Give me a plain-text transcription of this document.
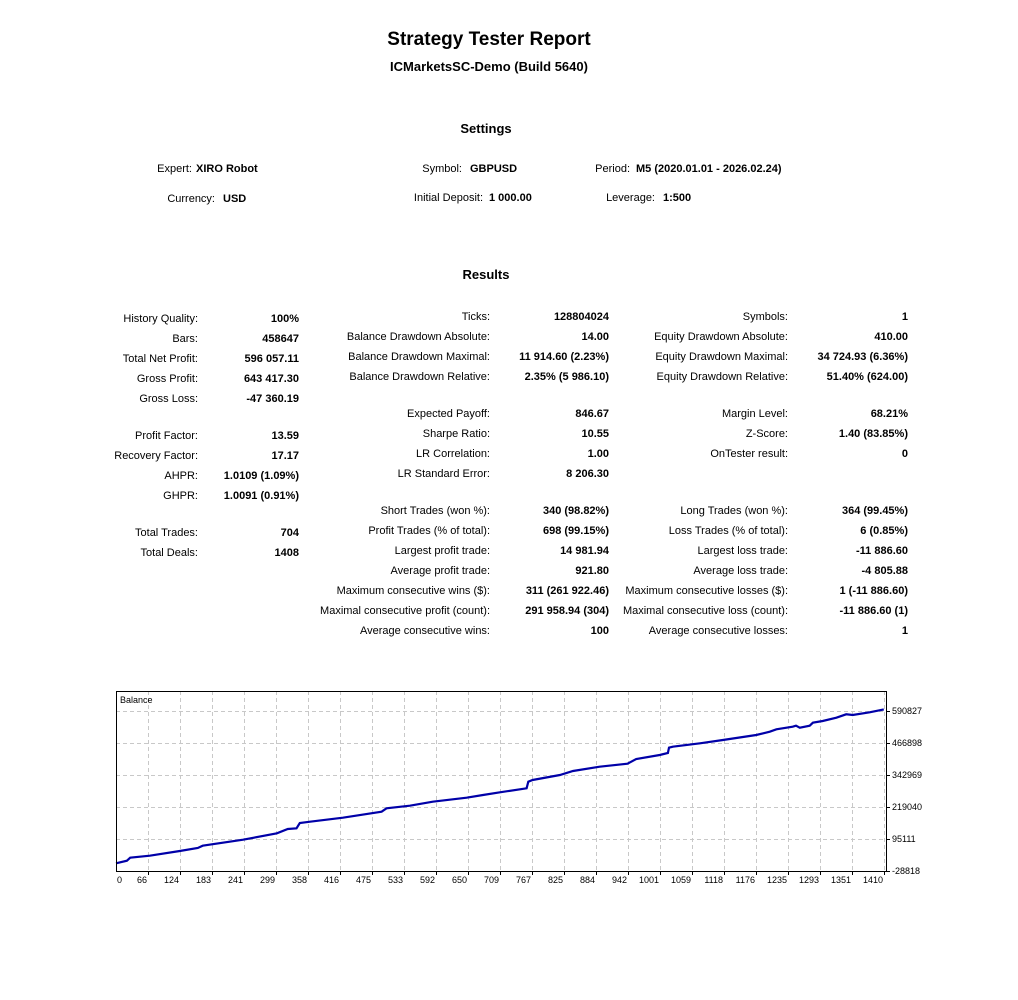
Strategy Tester Report
ICMarketsSC-Demo (Build 5640)
Settings
Expert: XIRO Robot	Symbol: GBPUSD	Period: M5 (2020.01.01 - 2026.02.24)
Currency: USD	Initial Deposit: 1 000.00	Leverage: 1:500
Results
History Quality:	100%
Bars:	458647
Total Net Profit:	596 057.11
Gross Profit:	643 417.30
Gross Loss:	-47 360.19
Profit Factor:	13.59
Recovery Factor:	17.17
AHPR:	1.0109 (1.09%)
GHPR:	1.0091 (0.91%)
Total Trades:	704
Total Deals:	1408
Ticks:	128804024
Balance Drawdown Absolute:	14.00
Balance Drawdown Maximal:	11 914.60 (2.23%)
Balance Drawdown Relative:	2.35% (5 986.10)
Expected Payoff:	846.67
Sharpe Ratio:	10.55
LR Correlation:	1.00
LR Standard Error:	8 206.30
Short Trades (won %):	340 (98.82%)
Profit Trades (% of total):	698 (99.15%)
Largest profit trade:	14 981.94
Average profit trade:	921.80
Maximum consecutive wins ($):	311 (261 922.46)
Maximal consecutive profit (count):	291 958.94 (304)
Average consecutive wins:	100
Symbols:	1
Equity Drawdown Absolute:	410.00
Equity Drawdown Maximal:	34 724.93 (6.36%)
Equity Drawdown Relative:	51.40% (624.00)
Margin Level:	68.21%
Z-Score:	1.40 (83.85%)
OnTester result:	0
Long Trades (won %):	364 (99.45%)
Loss Trades (% of total):	6 (0.85%)
Largest loss trade:	-11 886.60
Average loss trade:	-4 805.88
Maximum consecutive losses ($):	1 (-11 886.60)
Maximal consecutive loss (count):	-11 886.60 (1)
Average consecutive losses:	1
Balance
590827
466898
342969
219040
95111
-28818
0 66 124 183 241 299 358 416 475 533 592 650 709 767 825 884 942 1001 1059 1118 1176 1235 1293 1351 1410
